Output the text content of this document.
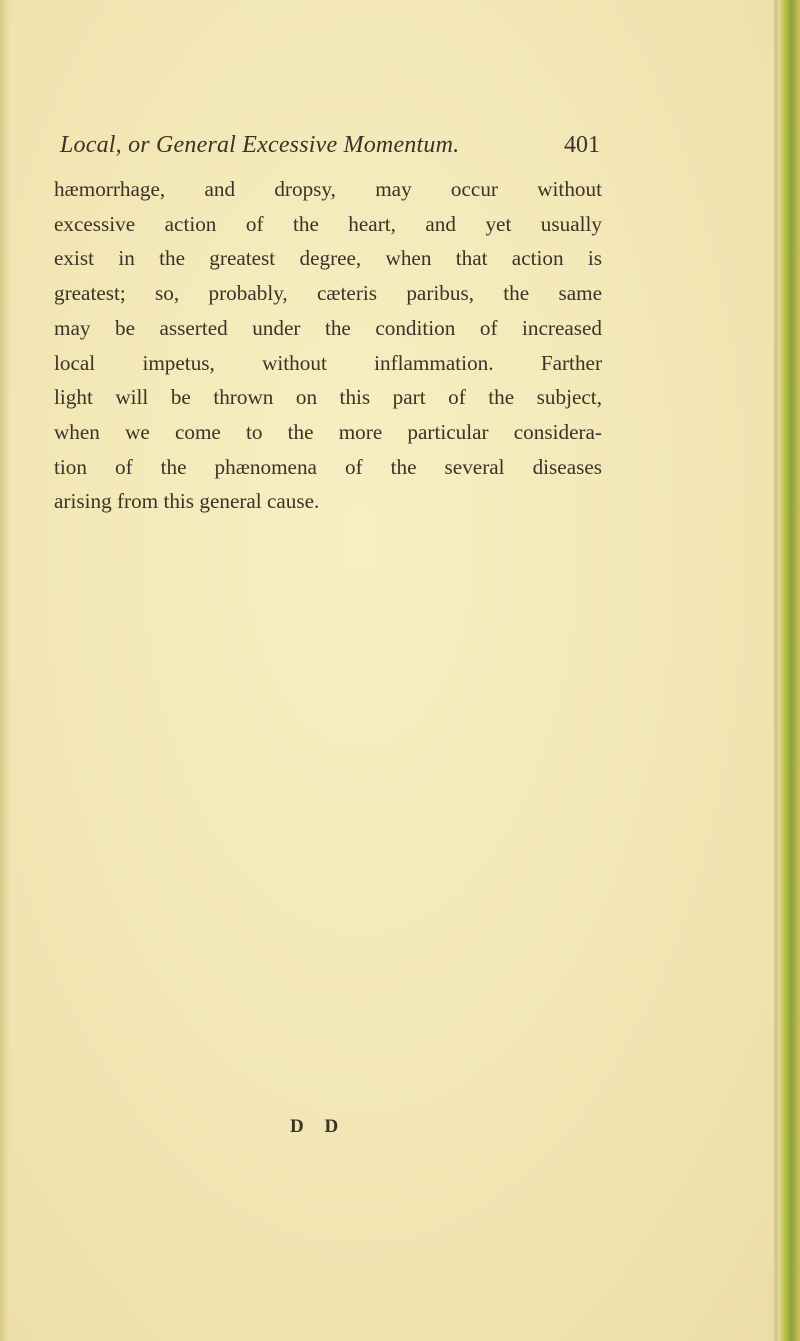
Local, or General Excessive Momentum.	401
hæmorrhage, and dropsy, may occur without
excessive action of the heart, and yet usually
exist in the greatest degree, when that action is
greatest; so, probably, cæteris paribus, the same
may be asserted under the condition of increased
local impetus, without inflammation. Farther
light will be thrown on this part of the subject,
when we come to the more particular considera-
tion of the phænomena of the several diseases
arising from this general cause.
D D
